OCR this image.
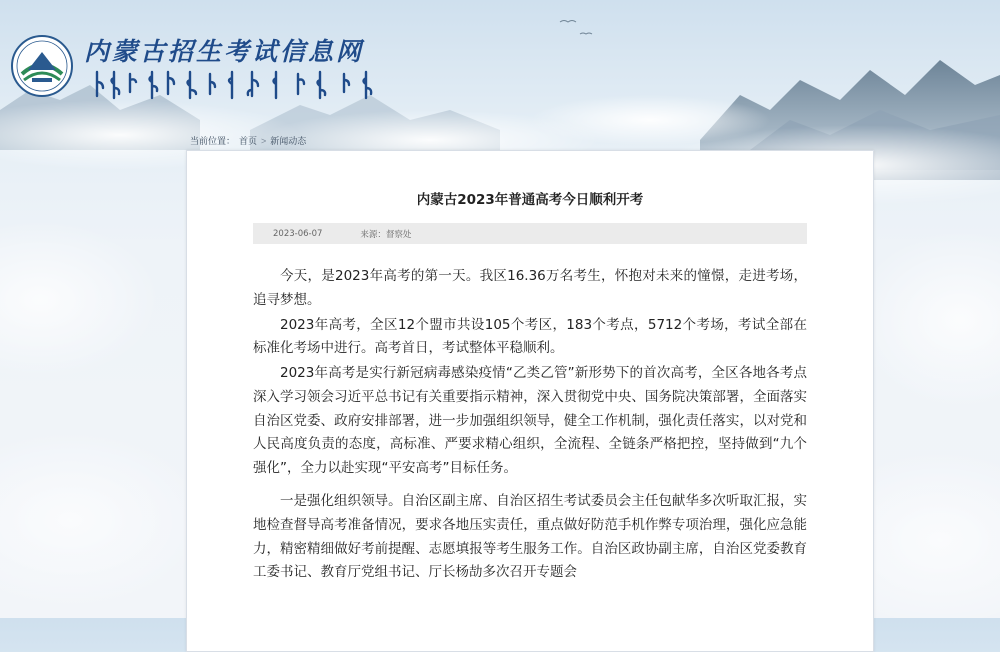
内蒙古招生考试信息网
当前位置： 首页 > 新闻动态
内蒙古2023年普通高考今日顺利开考
2023-06-07	来源：督察处

今天，是2023年高考的第一天。我区16.36万名考生，怀抱对未来的憧憬，走进考场，追寻梦想。

2023年高考，全区12个盟市共设105个考区，183个考点，5712个考场，考试全部在标准化考场中进行。高考首日，考试整体平稳顺利。

2023年高考是实行新冠病毒感染疫情“乙类乙管”新形势下的首次高考，全区各地各考点深入学习领会习近平总书记有关重要指示精神，深入贯彻党中央、国务院决策部署，全面落实自治区党委、政府安排部署，进一步加强组织领导，健全工作机制，强化责任落实，以对党和人民高度负责的态度，高标准、严要求精心组织，全流程、全链条严格把控，坚持做到“九个强化”，全力以赴实现“平安高考”目标任务。

一是强化组织领导。自治区副主席、自治区招生考试委员会主任包献华多次听取汇报，实地检查督导高考准备情况，要求各地压实责任，重点做好防范手机作弊专项治理，强化应急能力，精密精细做好考前提醒、志愿填报等考生服务工作。自治区政协副主席，自治区党委教育工委书记、教育厅党组书记、厅长杨劼多次召开专题会
